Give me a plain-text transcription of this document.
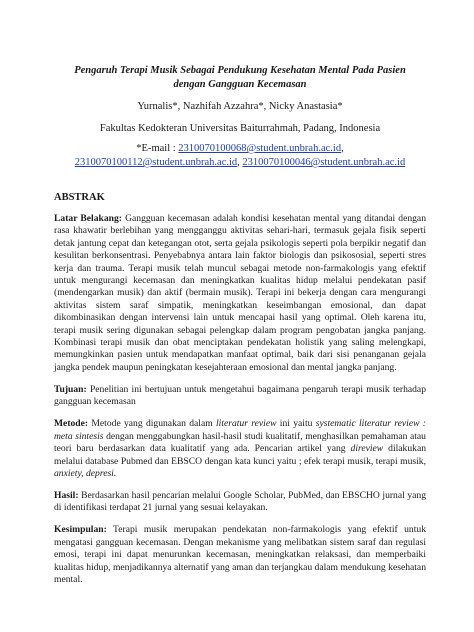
Pengaruh Terapi Musik Sebagai Pendukung Kesehatan Mental Pada Pasien
dengan Gangguan Kecemasan
Yurnalis*, Nazhifah Azzahra*, Nicky Anastasia*
Fakultas Kedokteran Universitas Baiturrahmah, Padang, Indonesia
*E-mail : 2310070100068@student.unbrah.ac.id,
2310070100112@student.unbrah.ac.id, 2310070100046@student.unbrah.ac.id
ABSTRAK

Latar Belakang: Gangguan kecemasan adalah kondisi kesehatan mental yang ditandai dengan rasa khawatir berlebihan yang mengganggu aktivitas sehari-hari, termasuk gejala fisik seperti detak jantung cepat dan ketegangan otot, serta gejala psikologis seperti pola berpikir negatif dan kesulitan berkonsentrasi. Penyebabnya antara lain faktor biologis dan psikososial, seperti stres kerja dan trauma. Terapi musik telah muncul sebagai metode non-farmakologis yang efektif untuk mengurangi kecemasan dan meningkatkan kualitas hidup melalui pendekatan pasif (mendengarkan musik) dan aktif (bermain musik). Terapi ini bekerja dengan cara mengurangi aktivitas sistem saraf simpatik, meningkatkan keseimbangan emosional, dan dapat dikombinasikan dengan intervensi lain untuk mencapai hasil yang optimal. Oleh karena itu, terapi musik sering digunakan sebagai pelengkap dalam program pengobatan jangka panjang. Kombinasi terapi musik dan obat menciptakan pendekatan holistik yang saling melengkapi, memungkinkan pasien untuk mendapatkan manfaat optimal, baik dari sisi penanganan gejala jangka pendek maupun peningkatan kesejahteraan emosional dan mental jangka panjang.

Tujuan: Penelitian ini bertujuan untuk mengetahui bagaimana pengaruh terapi musik terhadap gangguan kecemasan

Metode: Metode yang digunakan dalam literatur review ini yaitu systematic literatur review : meta sintesis dengan menggabungkan hasil-hasil studi kualitatif, menghasilkan pemahaman atau teori baru berdasarkan data kualitatif yang ada. Pencarian artikel yang direview dilakukan melalui database Pubmed dan EBSCO dengan kata kunci yaitu ; efek terapi musik, terapi musik, anxiety, depresi.

Hasil: Berdasarkan hasil pencarian melalui Google Scholar, PubMed, dan EBSCHO jurnal yang di identifikasi terdapat 21 jurnal yang sesuai kelayakan.

Kesimpulan: Terapi musik merupakan pendekatan non-farmakologis yang efektif untuk mengatasi gangguan kecemasan. Dengan mekanisme yang melibatkan sistem saraf dan regulasi emosi, terapi ini dapat menurunkan kecemasan, meningkatkan relaksasi, dan memperbaiki kualitas hidup, menjadikannya alternatif yang aman dan terjangkau dalam mendukung kesehatan mental.
